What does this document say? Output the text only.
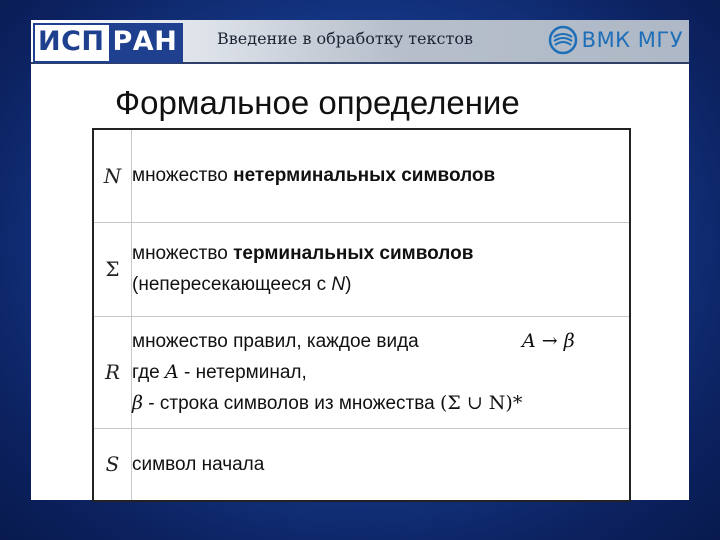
ИСП РАН Введение в обработку текстов	ВМК МГУ
Формальное определение
N	множество нетерминальных символов
Σ	множество терминальных символов
(непересекающееся с N)
R	множество правил, каждое вида A → β
где A - нетерминал,
β - строка символов из множества (Σ ∪ N)*

S	символ начала
